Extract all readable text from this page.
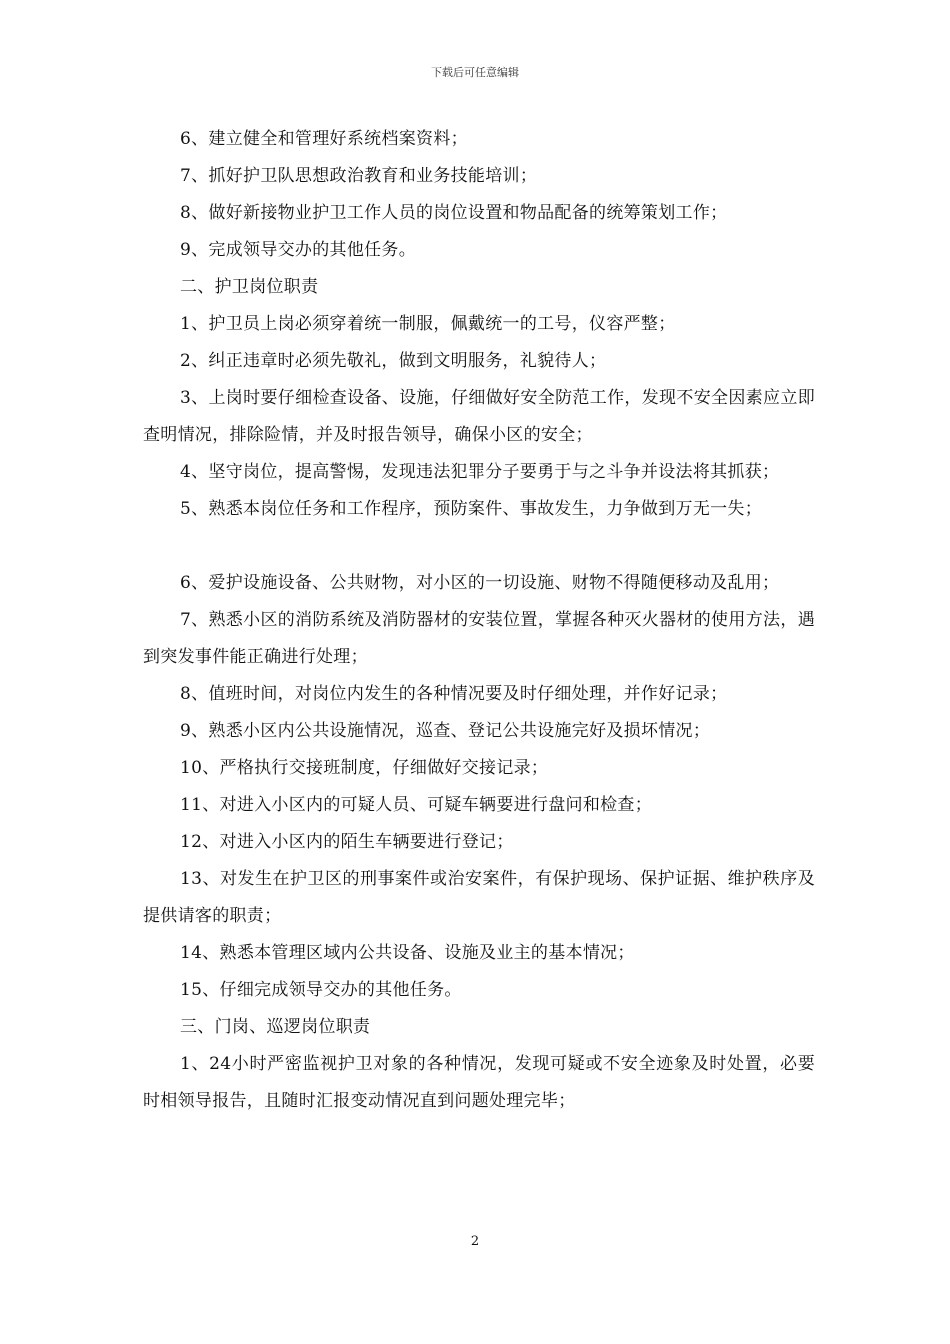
下载后可任意编辑

6、建立健全和管理好系统档案资料；

7、抓好护卫队思想政治教育和业务技能培训；

8、做好新接物业护卫工作人员的岗位设置和物品配备的统筹策划工作；

9、完成领导交办的其他任务。

二、护卫岗位职责

1、护卫员上岗必须穿着统一制服，佩戴统一的工号，仪容严整；

2、纠正违章时必须先敬礼，做到文明服务，礼貌待人；

3、上岗时要仔细检查设备、设施，仔细做好安全防范工作，发现不安全因素应立即查明情况，排除险情，并及时报告领导，确保小区的安全；

4、坚守岗位，提高警惕，发现违法犯罪分子要勇于与之斗争并设法将其抓获；

5、熟悉本岗位任务和工作程序，预防案件、事故发生，力争做到万无一失；

6、爱护设施设备、公共财物，对小区的一切设施、财物不得随便移动及乱用；

7、熟悉小区的消防系统及消防器材的安装位置，掌握各种灭火器材的使用方法，遇到突发事件能正确进行处理；

8、值班时间，对岗位内发生的各种情况要及时仔细处理，并作好记录；

9、熟悉小区内公共设施情况，巡查、登记公共设施完好及损坏情况；

10、严格执行交接班制度，仔细做好交接记录；

11、对进入小区内的可疑人员、可疑车辆要进行盘问和检查；

12、对进入小区内的陌生车辆要进行登记；

13、对发生在护卫区的刑事案件或治安案件，有保护现场、保护证据、维护秩序及提供请客的职责；

14、熟悉本管理区域内公共设备、设施及业主的基本情况；

15、仔细完成领导交办的其他任务。

三、门岗、巡逻岗位职责

1、24小时严密监视护卫对象的各种情况，发现可疑或不安全迹象及时处置，必要时相领导报告，且随时汇报变动情况直到问题处理完毕；

2
